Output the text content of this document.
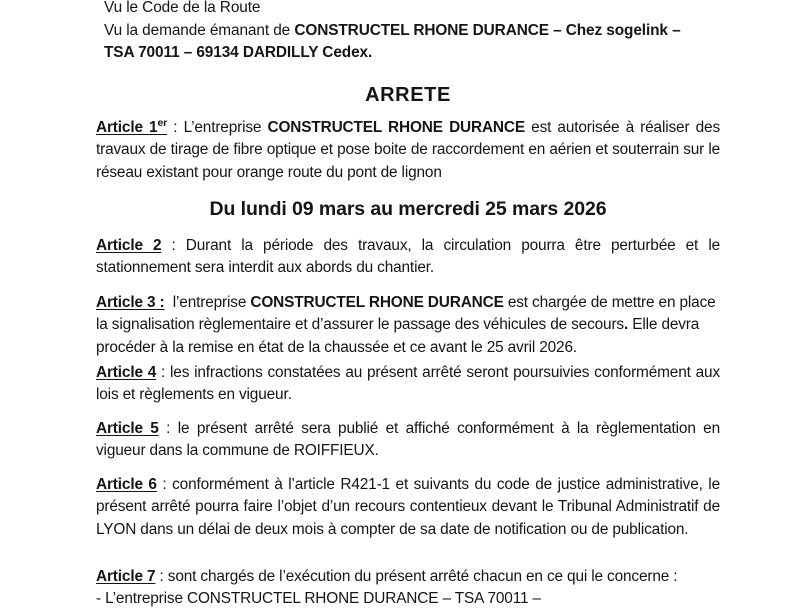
Vu le Code de la Route
Vu la demande émanant de CONSTRUCTEL RHONE DURANCE – Chez sogelink –
TSA 70011 – 69134 DARDILLY Cedex.
ARRETE

Article 1er : L’entreprise CONSTRUCTEL RHONE DURANCE est autorisée à réaliser des travaux de tirage de fibre optique et pose boite de raccordement en aérien et souterrain sur le réseau existant pour orange route du pont de lignon

Du lundi 09 mars au mercredi 25 mars 2026

Article 2 : Durant la période des travaux, la circulation pourra être perturbée et le stationnement sera interdit aux abords du chantier.

Article 3 : l’entreprise CONSTRUCTEL RHONE DURANCE est chargée de mettre en place la signalisation règlementaire et d’assurer le passage des véhicules de secours. Elle devra procéder à la remise en état de la chaussée et ce avant le 25 avril 2026.

Article 4 : les infractions constatées au présent arrêté seront poursuivies conformément aux lois et règlements en vigueur.

Article 5 : le présent arrêté sera publié et affiché conformément à la règlementation en vigueur dans la commune de ROIFFIEUX.

Article 6 : conformément à l’article R421-1 et suivants du code de justice administrative, le présent arrêté pourra faire l’objet d’un recours contentieux devant le Tribunal Administratif de LYON dans un délai de deux mois à compter de sa date de notification ou de publication.

Article 7 : sont chargés de l’exécution du présent arrêté chacun en ce qui le concerne :

- L’entreprise CONSTRUCTEL RHONE DURANCE – TSA 70011 –
